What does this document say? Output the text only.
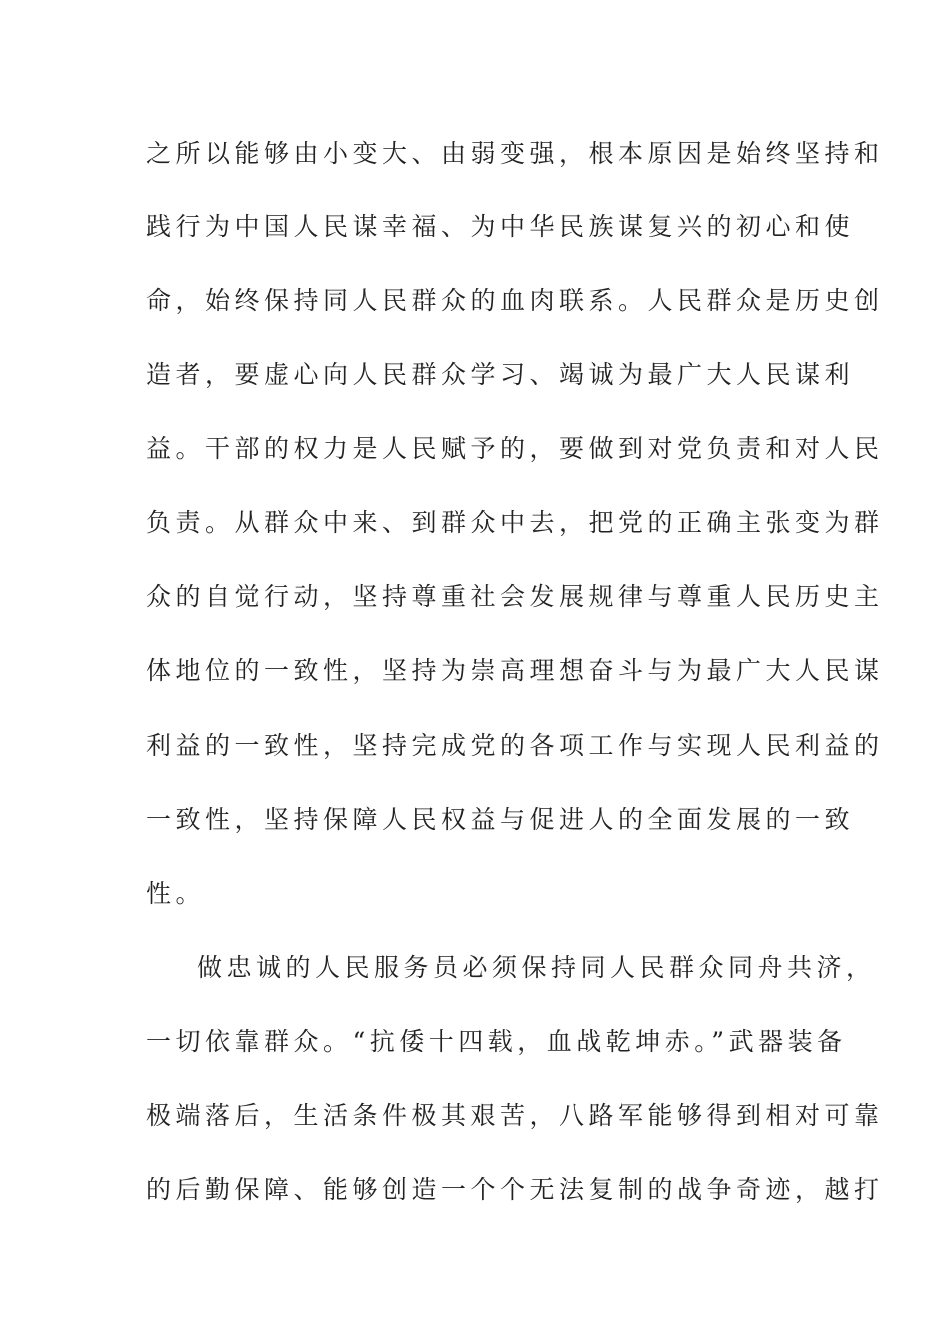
之所以能够由小变大、由弱变强，根本原因是始终坚持和
践行为中国人民谋幸福、为中华民族谋复兴的初心和使
命，始终保持同人民群众的血肉联系。人民群众是历史创
造者，要虚心向人民群众学习、竭诚为最广大人民谋利
益。干部的权力是人民赋予的，要做到对党负责和对人民
负责。从群众中来、到群众中去，把党的正确主张变为群
众的自觉行动，坚持尊重社会发展规律与尊重人民历史主
体地位的一致性，坚持为崇高理想奋斗与为最广大人民谋
利益的一致性，坚持完成党的各项工作与实现人民利益的
一致性，坚持保障人民权益与促进人的全面发展的一致
性。
做忠诚的人民服务员必须保持同人民群众同舟共济，
一切依靠群众。“抗倭十四载，血战乾坤赤。”武器装备
极端落后，生活条件极其艰苦，八路军能够得到相对可靠
的后勤保障、能够创造一个个无法复制的战争奇迹，越打
